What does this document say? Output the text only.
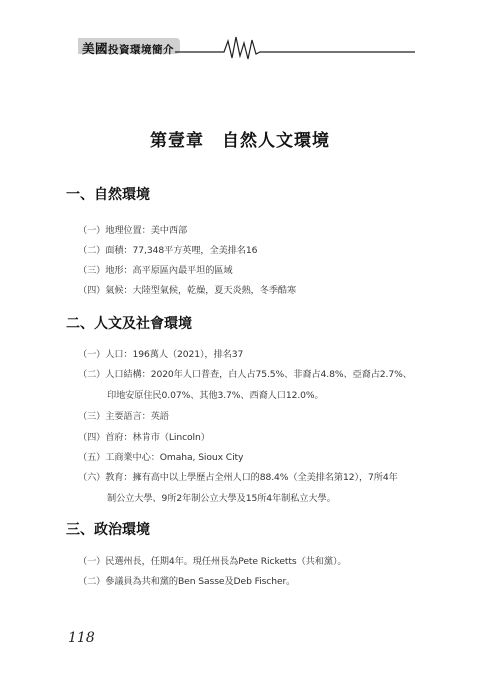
美國投資環境簡介
第壹章　自然人文環境
一、自然環境
（一）地理位置：美中西部
（二）面積：77,348平方英哩，全美排名16
（三）地形：高平原區內最平坦的區域
（四）氣候：大陸型氣候，乾燥，夏天炎熱，冬季酷寒
二、人文及社會環境
（一）人口：196萬人（2021），排名37
（二）人口結構：2020年人口普查，白人占75.5%、非裔占4.8%、亞裔占2.7%、
印地安原住民0.07%、其他3.7%、西裔人口12.0%。
（三）主要語言：英語
（四）首府：林肯市（Lincoln）
（五）工商業中心：Omaha, Sioux City
（六）教育：擁有高中以上學歷占全州人口的88.4%（全美排名第12），7所4年
制公立大學、9所2年制公立大學及15所4年制私立大學。
三、政治環境
（一）民選州長，任期4年。現任州長為Pete Ricketts（共和黨）。
（二）參議員為共和黨的Ben Sasse及Deb Fischer。
118
